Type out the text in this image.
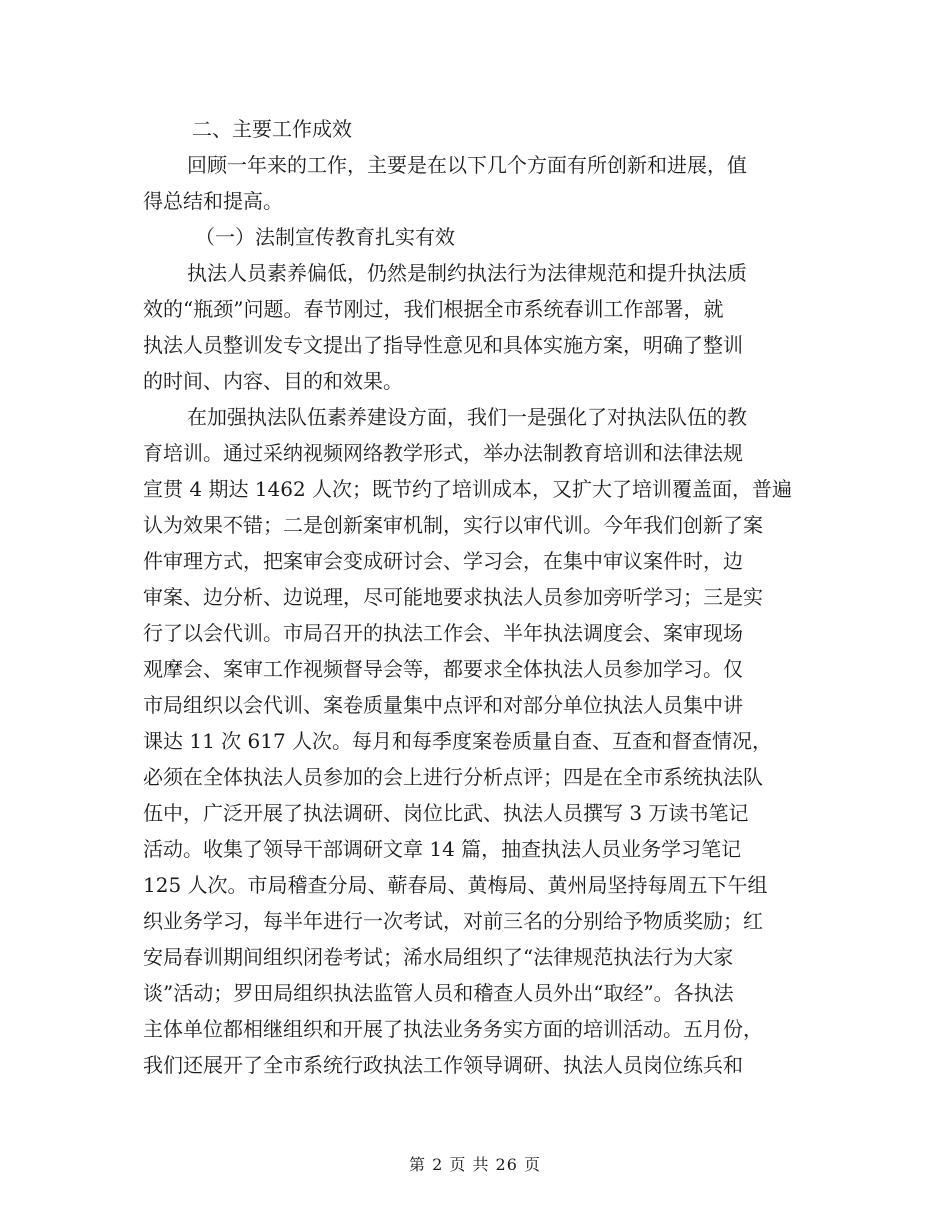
二、主要工作成效
回顾一年来的工作，主要是在以下几个方面有所创新和进展，值
得总结和提高。
（一）法制宣传教育扎实有效
执法人员素养偏低，仍然是制约执法行为法律规范和提升执法质
效的“瓶颈”问题。春节刚过，我们根据全市系统春训工作部署，就
执法人员整训发专文提出了指导性意见和具体实施方案，明确了整训
的时间、内容、目的和效果。
在加强执法队伍素养建设方面，我们一是强化了对执法队伍的教
育培训。通过采纳视频网络教学形式，举办法制教育培训和法律法规
宣贯 4 期达 1462 人次；既节约了培训成本，又扩大了培训覆盖面，普遍
认为效果不错；二是创新案审机制，实行以审代训。今年我们创新了案
件审理方式，把案审会变成研讨会、学习会，在集中审议案件时，边
审案、边分析、边说理，尽可能地要求执法人员参加旁听学习；三是实
行了以会代训。市局召开的执法工作会、半年执法调度会、案审现场
观摩会、案审工作视频督导会等，都要求全体执法人员参加学习。仅
市局组织以会代训、案卷质量集中点评和对部分单位执法人员集中讲
课达 11 次 617 人次。每月和每季度案卷质量自查、互查和督查情况，
必须在全体执法人员参加的会上进行分析点评；四是在全市系统执法队
伍中，广泛开展了执法调研、岗位比武、执法人员撰写 3 万读书笔记
活动。收集了领导干部调研文章 14 篇，抽查执法人员业务学习笔记
125 人次。市局稽查分局、蕲春局、黄梅局、黄州局坚持每周五下午组
织业务学习，每半年进行一次考试，对前三名的分别给予物质奖励；红
安局春训期间组织闭卷考试；浠水局组织了“法律规范执法行为大家
谈”活动；罗田局组织执法监管人员和稽查人员外出“取经”。各执法
主体单位都相继组织和开展了执法业务务实方面的培训活动。五月份，
我们还展开了全市系统行政执法工作领导调研、执法人员岗位练兵和
第 2 页 共 26 页
